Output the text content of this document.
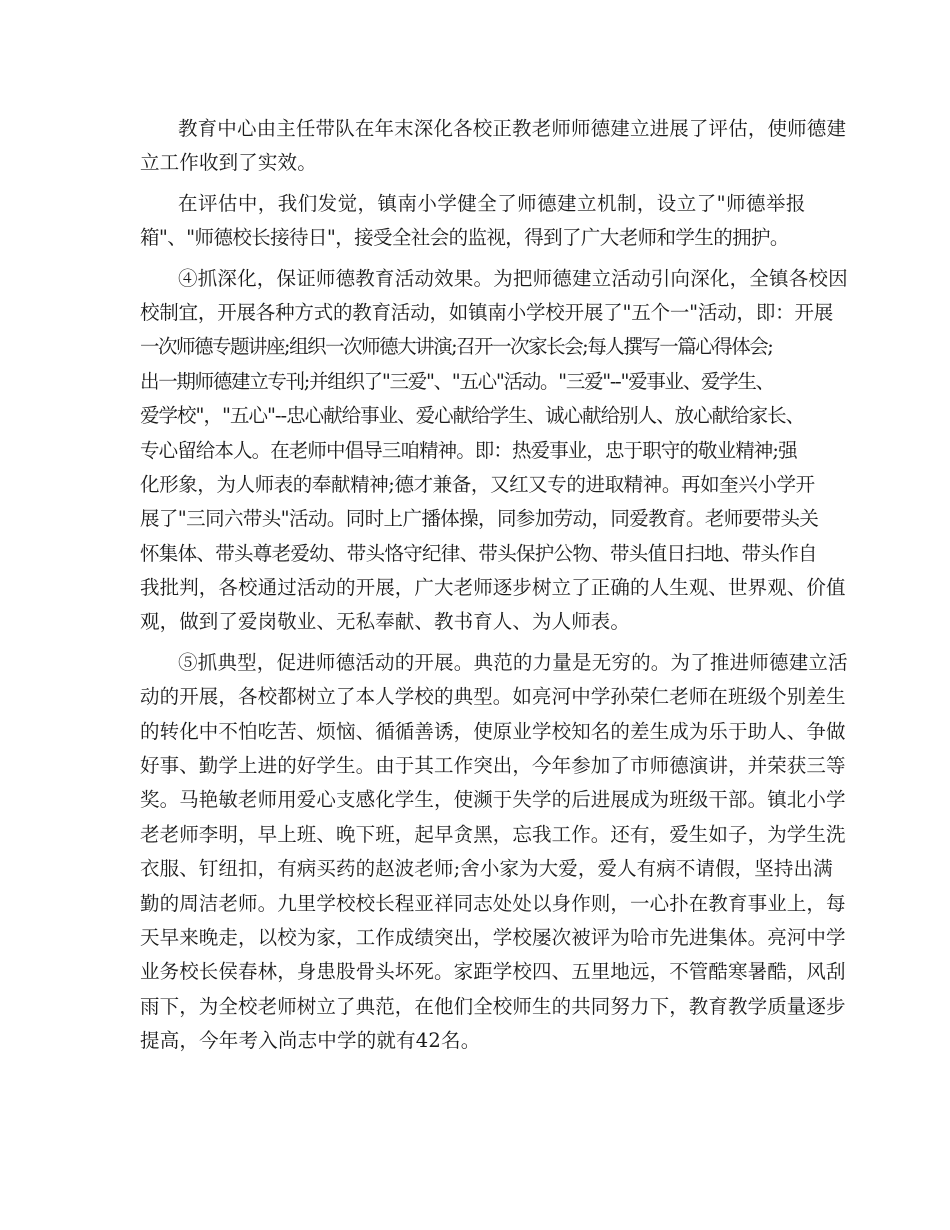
教育中心由主任带队在年末深化各校正教老师师德建立进展了评估，使师德建
立工作收到了实效。
在评估中，我们发觉，镇南小学健全了师德建立机制，设立了"师德举报
箱"、"师德校长接待日"，接受全社会的监视，得到了广大老师和学生的拥护。
④抓深化，保证师德教育活动效果。为把师德建立活动引向深化，全镇各校因
校制宜，开展各种方式的教育活动，如镇南小学校开展了"五个一"活动，即：开展
一次师德专题讲座;组织一次师德大讲演;召开一次家长会;每人撰写一篇心得体会;
出一期师德建立专刊;并组织了"三爱"、"五心"活动。"三爱"--"爱事业、爱学生、
爱学校"，"五心"--忠心献给事业、爱心献给学生、诚心献给别人、放心献给家长、
专心留给本人。在老师中倡导三咱精神。即：热爱事业，忠于职守的敬业精神;强
化形象，为人师表的奉献精神;德才兼备，又红又专的进取精神。再如奎兴小学开
展了"三同六带头"活动。同时上广播体操，同参加劳动，同爱教育。老师要带头关
怀集体、带头尊老爱幼、带头恪守纪律、带头保护公物、带头值日扫地、带头作自
我批判，各校通过活动的开展，广大老师逐步树立了正确的人生观、世界观、价值
观，做到了爱岗敬业、无私奉献、教书育人、为人师表。
⑤抓典型，促进师德活动的开展。典范的力量是无穷的。为了推进师德建立活
动的开展，各校都树立了本人学校的典型。如亮河中学孙荣仁老师在班级个别差生
的转化中不怕吃苦、烦恼、循循善诱，使原业学校知名的差生成为乐于助人、争做
好事、勤学上进的好学生。由于其工作突出，今年参加了市师德演讲，并荣获三等
奖。马艳敏老师用爱心支感化学生，使濒于失学的后进展成为班级干部。镇北小学
老老师李明，早上班、晚下班，起早贪黑，忘我工作。还有，爱生如子，为学生洗
衣服、钉纽扣，有病买药的赵波老师;舍小家为大爱，爱人有病不请假，坚持出满
勤的周洁老师。九里学校校长程亚祥同志处处以身作则，一心扑在教育事业上，每
天早来晚走，以校为家，工作成绩突出，学校屡次被评为哈市先进集体。亮河中学
业务校长侯春林，身患股骨头坏死。家距学校四、五里地远，不管酷寒暑酷，风刮
雨下，为全校老师树立了典范，在他们全校师生的共同努力下，教育教学质量逐步
提高，今年考入尚志中学的就有42名。
